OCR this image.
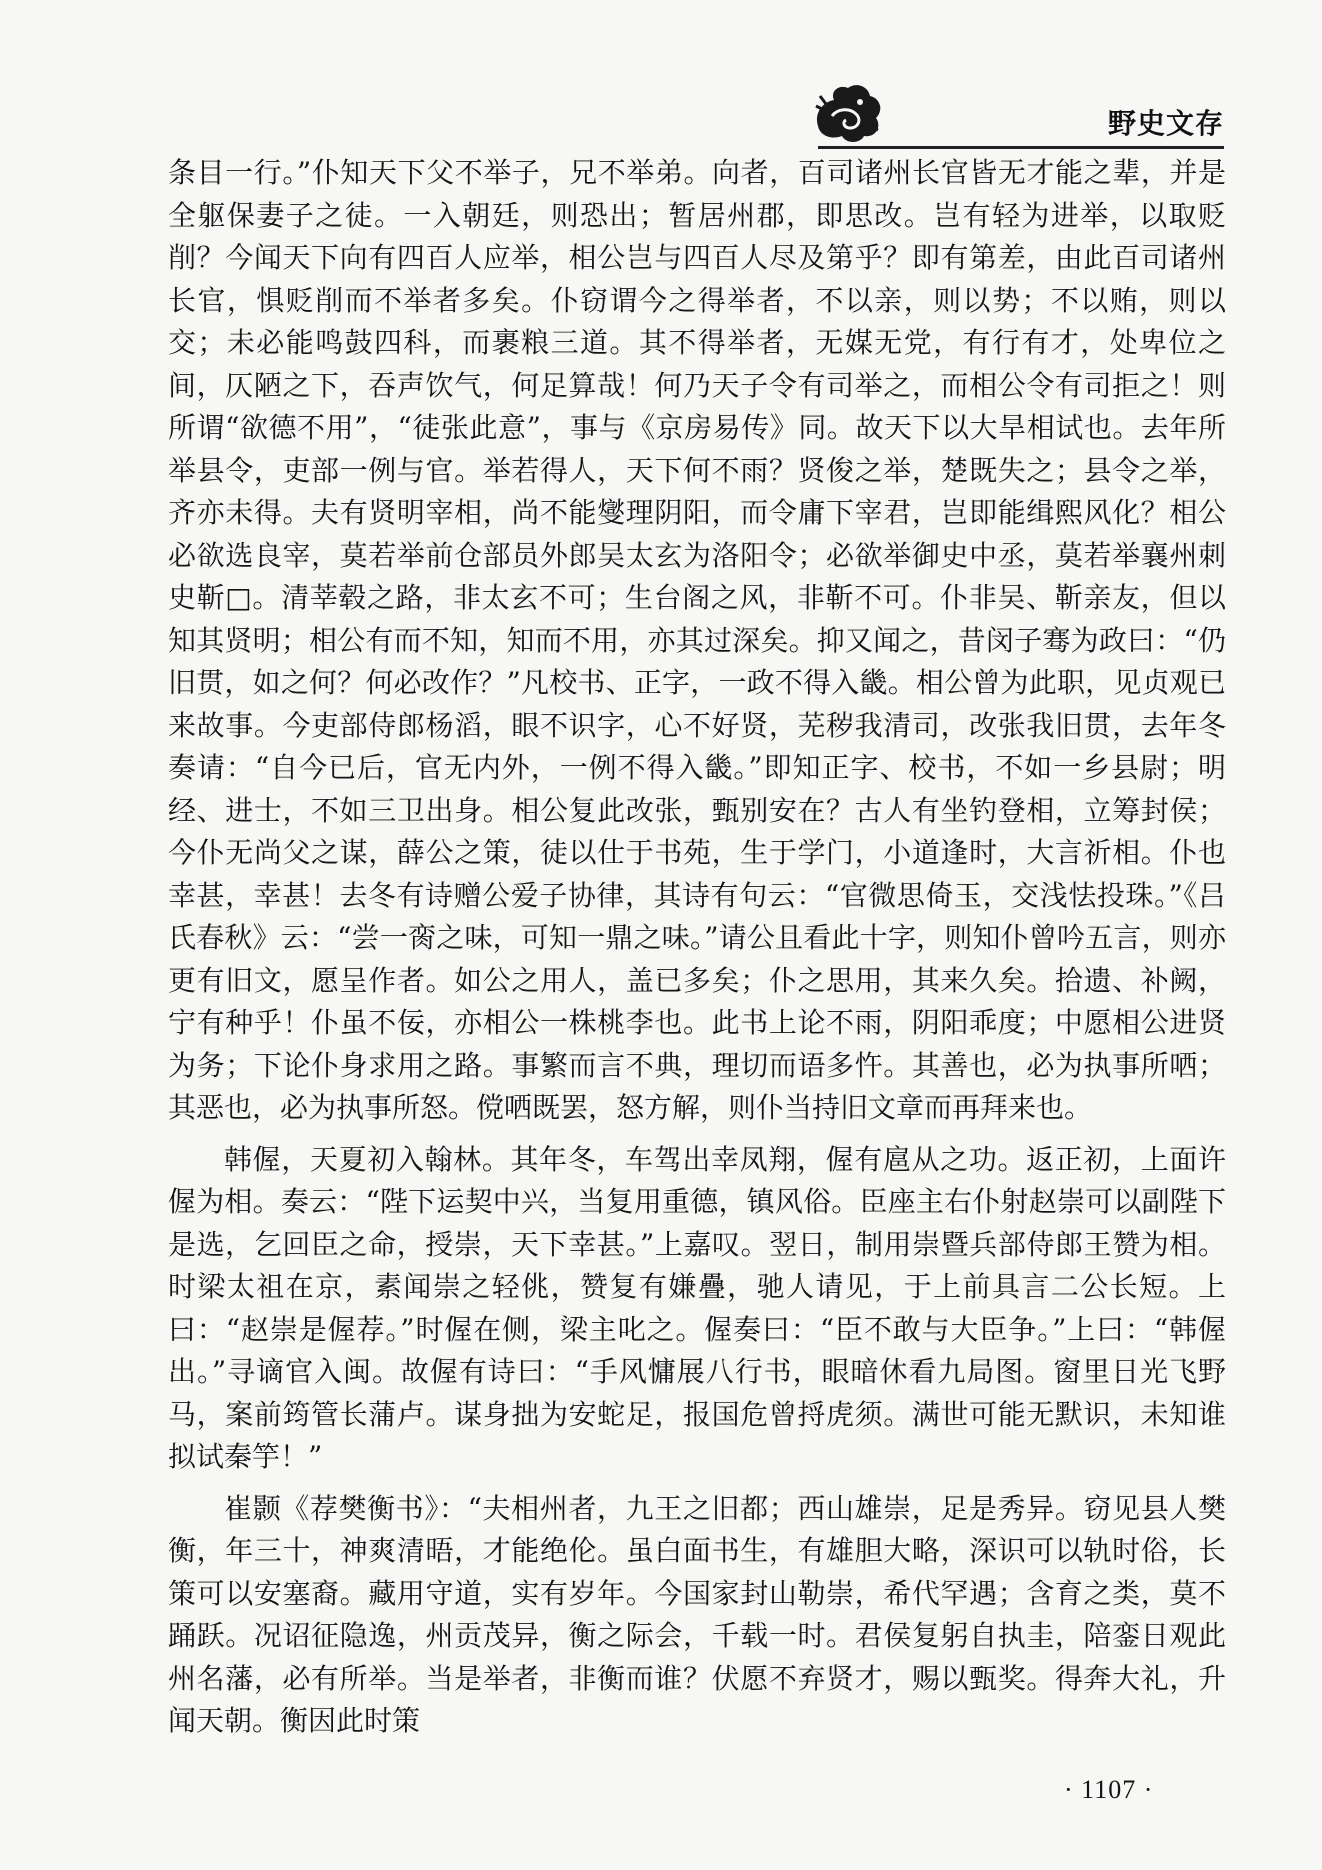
野史文存

条目一行。”仆知天下父不举子，兄不举弟。向者，百司诸州长官皆无才能之辈，并是全躯保妻子之徒。一入朝廷，则恐出；暂居州郡，即思改。岂有轻为进举，以取贬削？今闻天下向有四百人应举，相公岂与四百人尽及第乎？即有第差，由此百司诸州长官，惧贬削而不举者多矣。仆窃谓今之得举者，不以亲，则以势；不以贿，则以交；未必能鸣鼓四科，而裹粮三道。其不得举者，无媒无党，有行有才，处卑位之间，仄陋之下，吞声饮气，何足算哉！何乃天子令有司举之，而相公令有司拒之！则所谓“欲德不用”，“徒张此意”，事与《京房易传》同。故天下以大旱相试也。去年所举县令，吏部一例与官。举若得人，天下何不雨？贤俊之举，楚既失之；县令之举，齐亦未得。夫有贤明宰相，尚不能燮理阴阳，而令庸下宰君，岂即能缉熙风化？相公必欲选良宰，莫若举前仓部员外郎吴太玄为洛阳令；必欲举御史中丞，莫若举襄州刺史靳□。清莘毂之路，非太玄不可；生台阁之风，非靳不可。仆非吴、靳亲友，但以知其贤明；相公有而不知，知而不用，亦其过深矣。抑又闻之，昔闵子骞为政曰：“仍旧贯，如之何？何必改作？”凡校书、正字，一政不得入畿。相公曾为此职，见贞观已来故事。今吏部侍郎杨滔，眼不识字，心不好贤，芜秽我清司，改张我旧贯，去年冬奏请：“自今已后，官无内外，一例不得入畿。”即知正字、校书，不如一乡县尉；明经、进士，不如三卫出身。相公复此改张，甄别安在？古人有坐钓登相，立筹封侯；今仆无尚父之谋，薛公之策，徒以仕于书苑，生于学门，小道逢时，大言祈相。仆也幸甚，幸甚！去冬有诗赠公爱子协律，其诗有句云：“官微思倚玉，交浅怯投珠。”《吕氏春秋》云：“尝一脔之味，可知一鼎之味。”请公且看此十字，则知仆曾吟五言，则亦更有旧文，愿呈作者。如公之用人，盖已多矣；仆之思用，其来久矣。拾遗、补阙，宁有种乎！仆虽不佞，亦相公一株桃李也。此书上论不雨，阴阳乖度；中愿相公进贤为务；下论仆身求用之路。事繁而言不典，理切而语多忤。其善也，必为执事所哂；其恶也，必为执事所怒。傥哂既罢，怒方解，则仆当持旧文章而再拜来也。

韩偓，天夏初入翰林。其年冬，车驾出幸凤翔，偓有扈从之功。返正初，上面许偓为相。奏云：“陛下运契中兴，当复用重德，镇风俗。臣座主右仆射赵崇可以副陛下是选，乞回臣之命，授崇，天下幸甚。”上嘉叹。翌日，制用崇暨兵部侍郎王赞为相。时梁太祖在京，素闻崇之轻佻，赞复有嫌疊，驰人请见，于上前具言二公长短。上曰：“赵崇是偓荐。”时偓在侧，梁主叱之。偓奏曰：“臣不敢与大臣争。”上曰：“韩偓出。”寻谪官入闽。故偓有诗曰：“手风慵展八行书，眼暗休看九局图。窗里日光飞野马，案前筠管长蒲卢。谋身拙为安蛇足，报国危曾捋虎须。满世可能无默识，未知谁拟试秦竽！”

崔颢《荐樊衡书》：“夫相州者，九王之旧都；西山雄崇，足是秀异。窃见县人樊衡，年三十，神爽清晤，才能绝伦。虽白面书生，有雄胆大略，深识可以轨时俗，长策可以安塞裔。藏用守道，实有岁年。今国家封山勒崇，希代罕遇；含育之类，莫不踊跃。况诏征隐逸，州贡茂异，衡之际会，千载一时。君侯复躬自执圭，陪銮日观此州名藩，必有所举。当是举者，非衡而谁？伏愿不弃贤才，赐以甄奖。得奔大礼，升闻天朝。衡因此时策

· 1107 ·
